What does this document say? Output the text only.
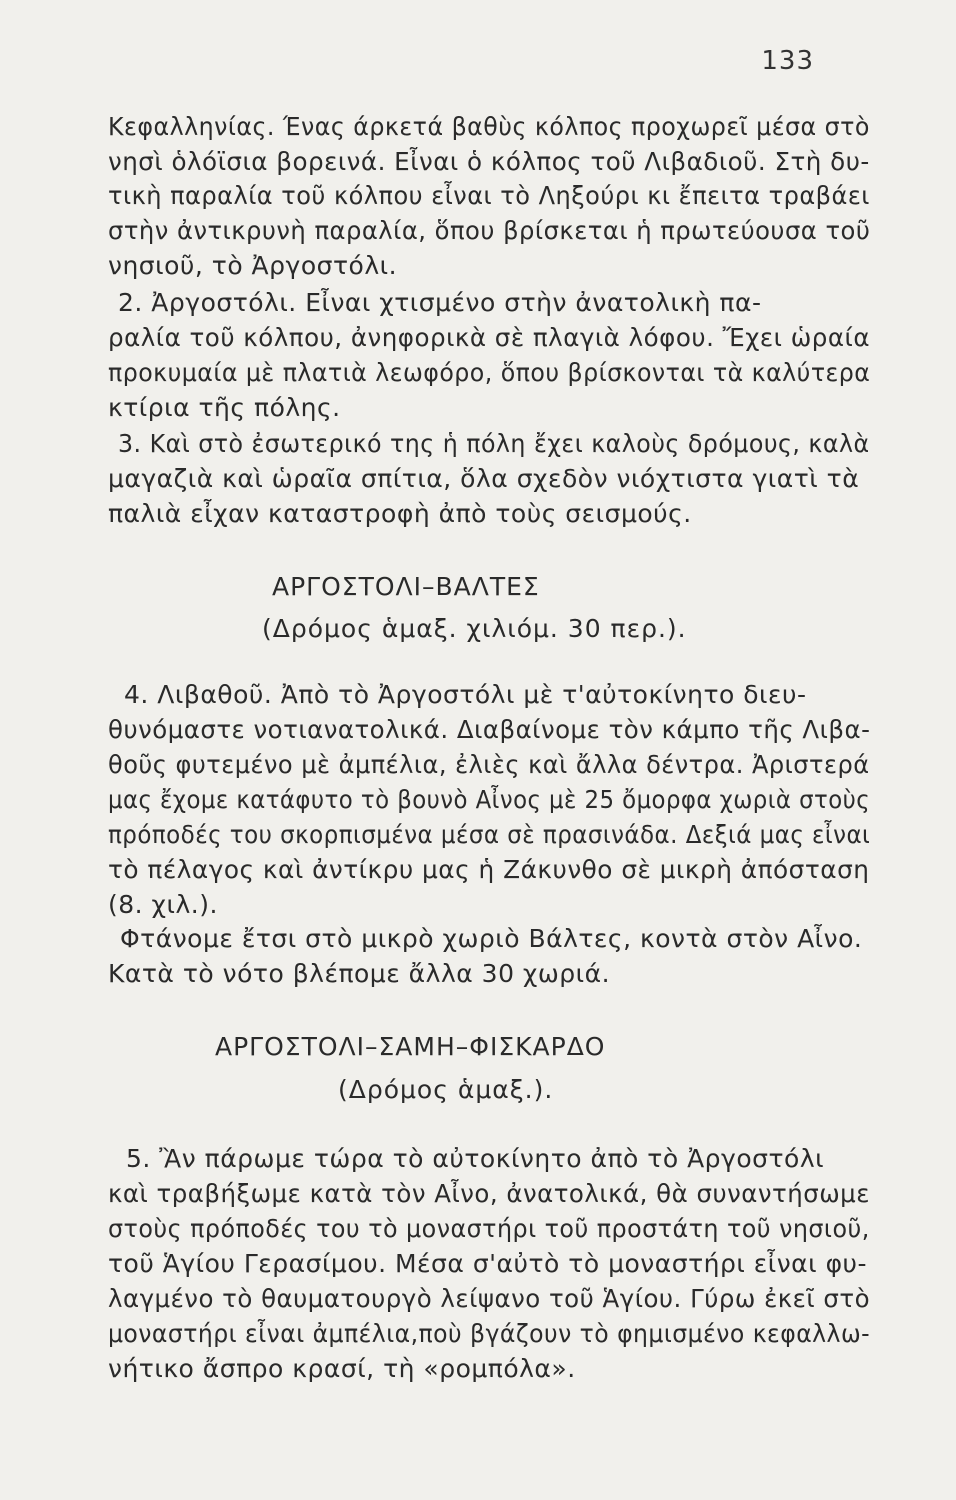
133
Κεφαλληνίας. Ένας άρκετά βαθὺς κόλπος προχωρεῖ μέσα στὸ
νησὶ ὁλόϊσια βορεινά. Εἶναι ὁ κόλπος τοῦ Λιβαδιοῦ. Στὴ δυ-
τικὴ παραλία τοῦ κόλπου εἶναι τὸ Ληξούρι κι ἔπειτα τραβάει
στὴν ἀντικρυνὴ παραλία, ὅπου βρίσκεται ἡ πρωτεύουσα τοῦ
νησιοῦ, τὸ Ἀργοστόλι.
2. Ἀργοστόλι. Εἶναι χτισμένο στὴν ἀνατολικὴ πα-
ραλία τοῦ κόλπου, ἀνηφορικὰ σὲ πλαγιὰ λόφου. Ἔχει ὡραία
προκυμαία μὲ πλατιὰ λεωφόρο, ὅπου βρίσκονται τὰ καλύτερα
κτίρια τῆς πόλης.
3. Καὶ στὸ ἐσωτερικό της ἡ πόλη ἔχει καλοὺς δρόμους, καλὰ
μαγαζιὰ καὶ ὡραῖα σπίτια, ὅλα σχεδὸν νιόχτιστα γιατὶ τὰ
παλιὰ εἶχαν καταστροφὴ ἀπὸ τοὺς σεισμούς.
ΑΡΓΟΣΤΟΛΙ–ΒΑΛΤΕΣ
(Δρόμος ἁμαξ. χιλιόμ. 30 περ.).
4. Λιβαθοῦ. Ἀπὸ τὸ Ἀργοστόλι μὲ τ'αὐτοκίνητο διευ-
θυνόμαστε νοτιανατολικά. Διαβαίνομε τὸν κάμπο τῆς Λιβα-
θοῦς φυτεμένο μὲ ἀμπέλια, ἐλιὲς καὶ ἄλλα δέντρα. Ἀριστερά
μας ἔχομε κατάφυτο τὸ βουνὸ Αἶνος μὲ 25 ὄμορφα χωριὰ στοὺς
πρόποδές του σκορπισμένα μέσα σὲ πρασινάδα. Δεξιά μας εἶναι
τὸ πέλαγος καὶ ἀντίκρυ μας ἡ Ζάκυνθο σὲ μικρὴ ἀπόσταση
(8. χιλ.).
Φτάνομε ἔτσι στὸ μικρὸ χωριὸ Βάλτες, κοντὰ στὸν Αἶνο.
Κατὰ τὸ νότο βλέπομε ἄλλα 30 χωριά.
ΑΡΓΟΣΤΟΛΙ–ΣΑΜΗ–ΦΙΣΚΑΡΔΟ
(Δρόμος ἁμαξ.).
5. Ἂν πάρωμε τώρα τὸ αὐτοκίνητο ἀπὸ τὸ Ἀργοστόλι
καὶ τραβήξωμε κατὰ τὸν Αἶνο, ἀνατολικά, θὰ συναντήσωμε
στοὺς πρόποδές του τὸ μοναστήρι τοῦ προστάτη τοῦ νησιοῦ,
τοῦ Ἁγίου Γερασίμου. Μέσα σ'αὐτὸ τὸ μοναστήρι εἶναι φυ-
λαγμένο τὸ θαυματουργὸ λείψανο τοῦ Ἁγίου. Γύρω ἐκεῖ στὸ
μοναστήρι εἶναι ἀμπέλια,ποὺ βγάζουν τὸ φημισμένο κεφαλλω-
νήτικο ἄσπρο κρασί, τὴ «ρομπόλα».
